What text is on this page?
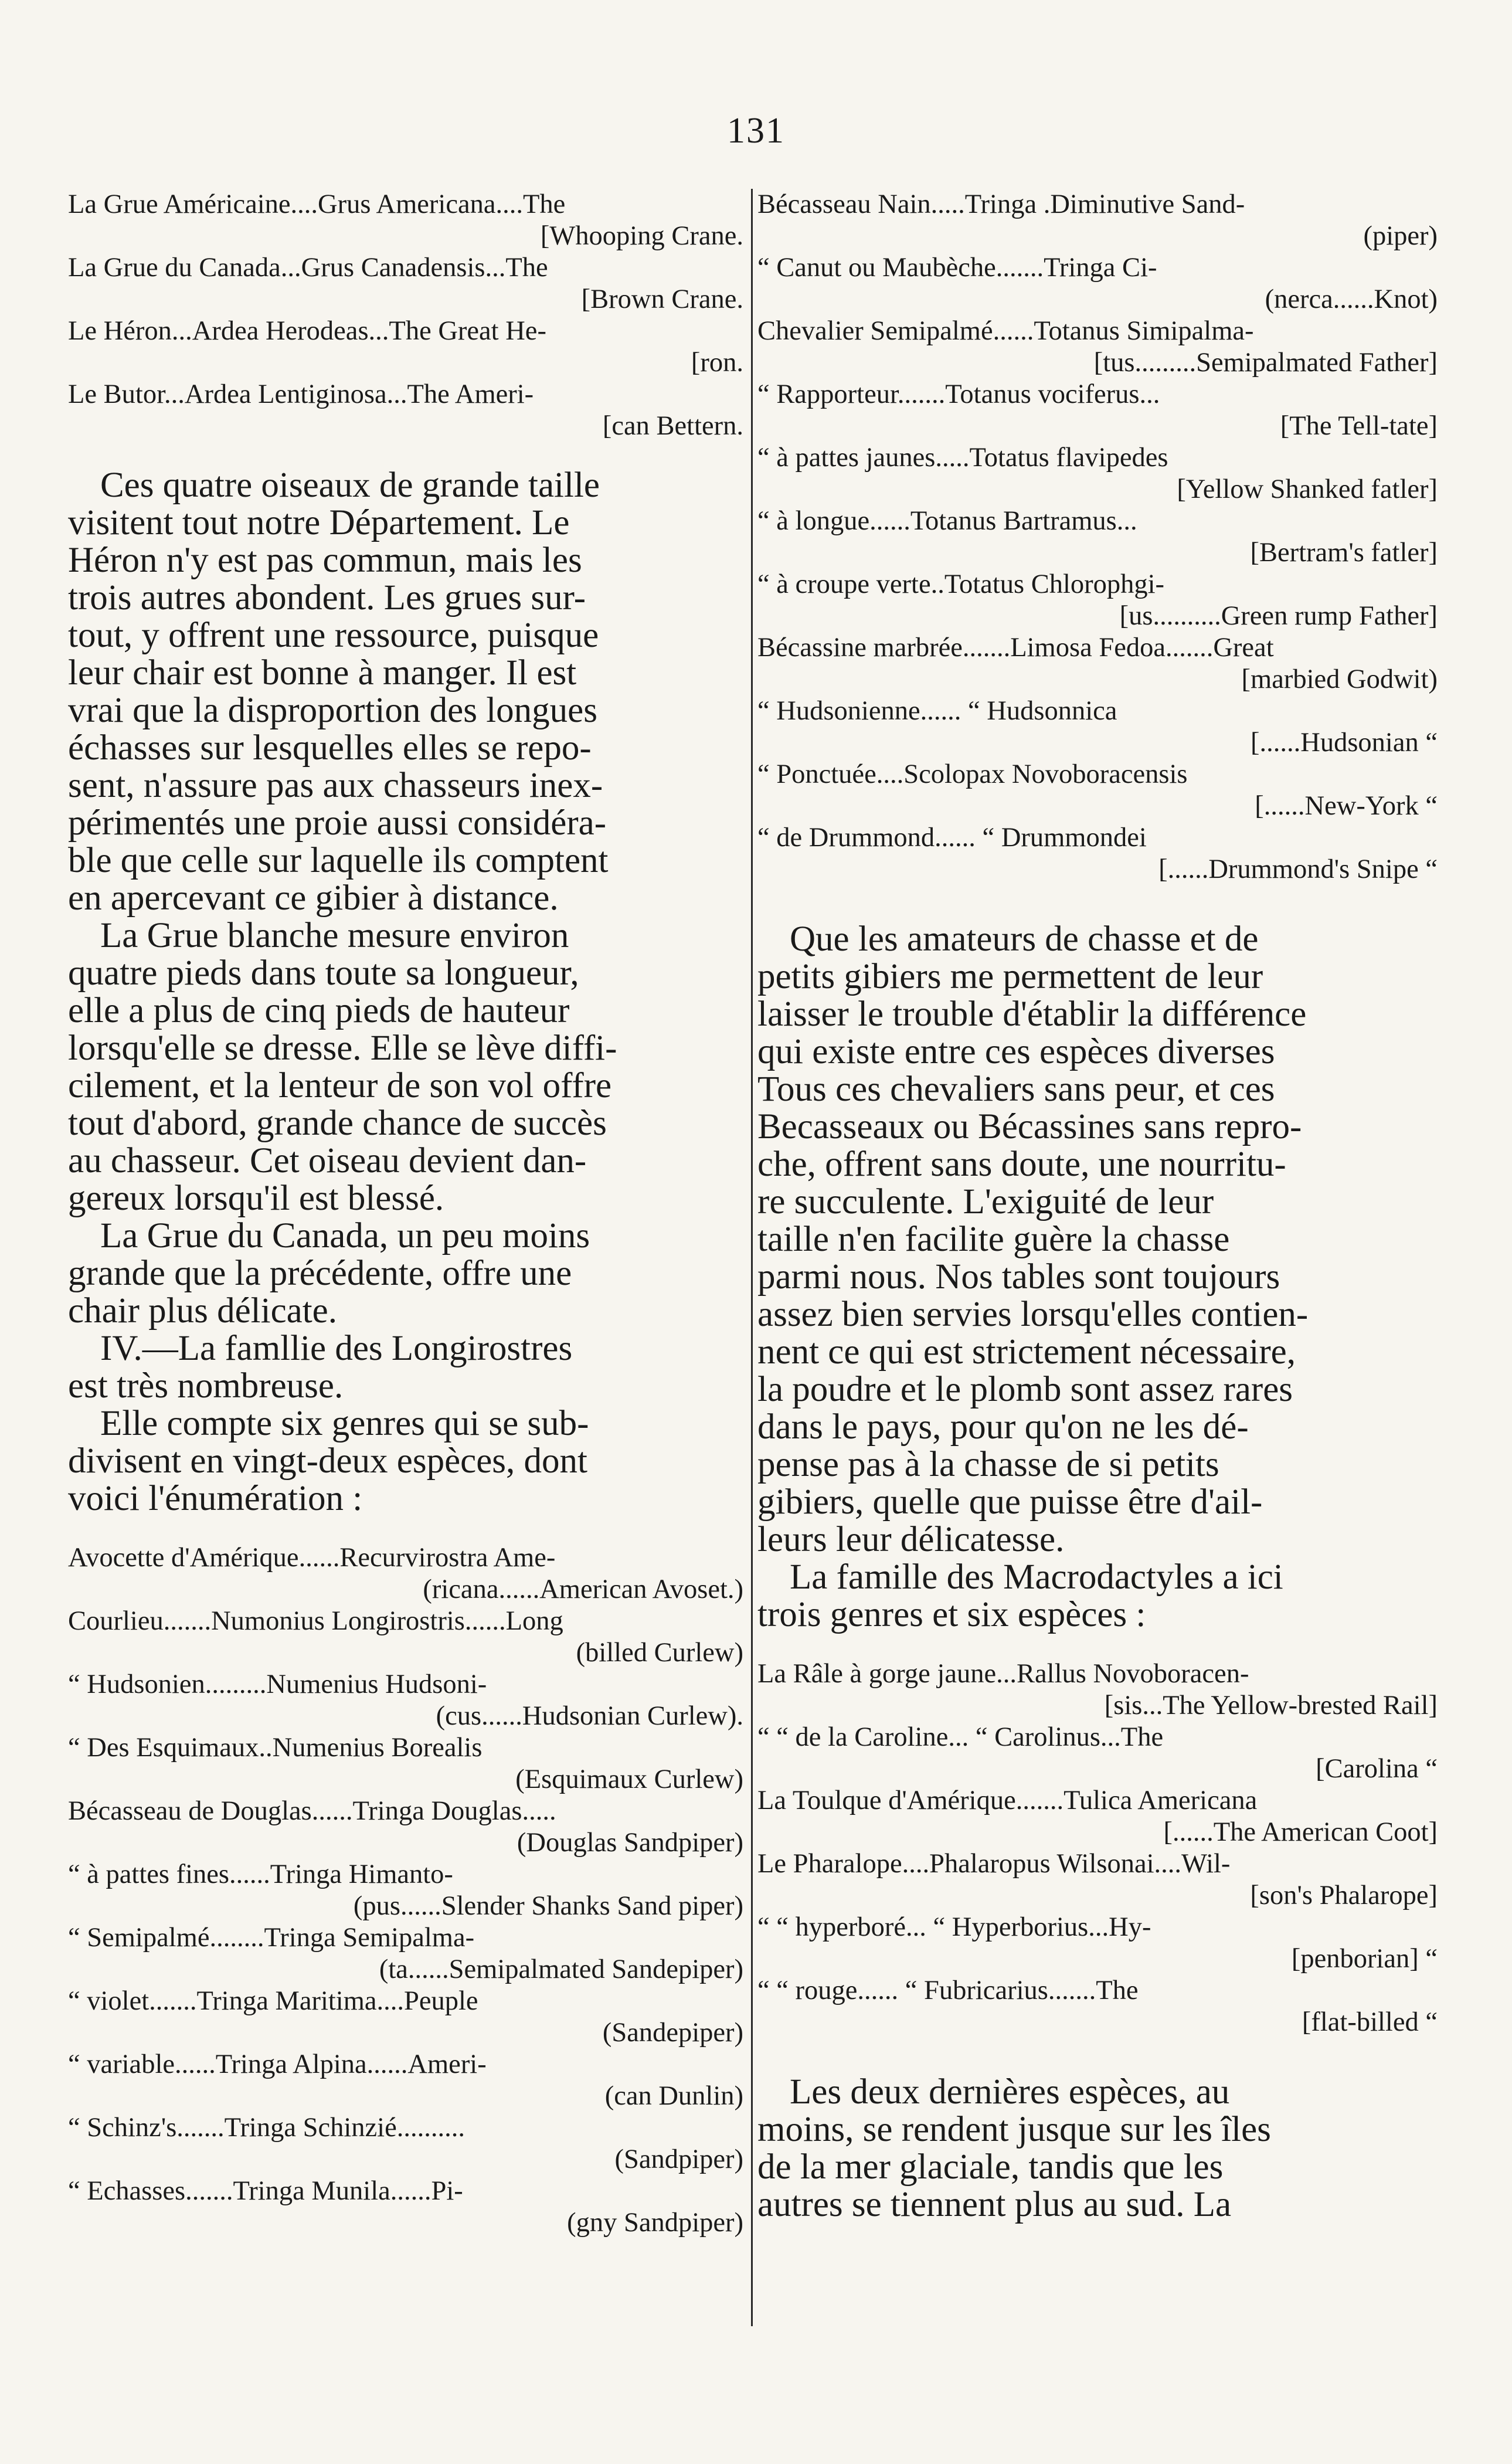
131
La Grue Américaine....Grus Americana....The
[Whooping Crane.
La Grue du Canada...Grus Canadensis...The
[Brown Crane.
Le Héron...Ardea Herodeas...The Great He-
[ron.
Le Butor...Ardea Lentiginosa...The Ameri-
[can Bettern.

Ces quatre oiseaux de grande taille
visitent tout notre Département. Le
Héron n'y est pas commun, mais les
trois autres abondent. Les grues sur-
tout, y offrent une ressource, puisque
leur chair est bonne à manger. Il est
vrai que la disproportion des longues
échasses sur lesquelles elles se repo-
sent, n'assure pas aux chasseurs inex-
périmentés une proie aussi considéra-
ble que celle sur laquelle ils comptent
en apercevant ce gibier à distance.

La Grue blanche mesure environ
quatre pieds dans toute sa longueur,
elle a plus de cinq pieds de hauteur
lorsqu'elle se dresse. Elle se lève diffi-
cilement, et la lenteur de son vol offre
tout d'abord, grande chance de succès
au chasseur. Cet oiseau devient dan-
gereux lorsqu'il est blessé.

La Grue du Canada, un peu moins
grande que la précédente, offre une
chair plus délicate.

IV.—La famllie des Longirostres
est très nombreuse.

Elle compte six genres qui se sub-
divisent en vingt-deux espèces, dont
voici l'énumération :

Avocette d'Amérique......Recurvirostra Ame-
(ricana......American Avoset.)
Courlieu.......Numonius Longirostris......Long
(billed Curlew)
“ Hudsonien.........Numenius Hudsoni-
(cus......Hudsonian Curlew).
“ Des Esquimaux..Numenius Borealis
(Esquimaux Curlew)
Bécasseau de Douglas......Tringa Douglas.....
(Douglas Sandpiper)
“ à pattes fines......Tringa Himanto-
(pus......Slender Shanks Sand piper)
“ Semipalmé........Tringa Semipalma-
(ta......Semipalmated Sandepiper)
“ violet.......Tringa Maritima....Peuple
(Sandepiper)
“ variable......Tringa Alpina......Ameri-
(can Dunlin)
“ Schinz's.......Tringa Schinzié..........
(Sandpiper)
“ Echasses.......Tringa Munila......Pi-
(gny Sandpiper)
Bécasseau Nain.....Tringa .Diminutive Sand-
(piper)
“ Canut ou Maubèche.......Tringa Ci-
(nerca......Knot)
Chevalier Semipalmé......Totanus Simipalma-
[tus.........Semipalmated Father]
“ Rapporteur.......Totanus vociferus...
[The Tell-tate]
“ à pattes jaunes.....Totatus flavipedes
[Yellow Shanked fatler]
“ à longue......Totanus Bartramus...
[Bertram's fatler]
“ à croupe verte..Totatus Chlorophgi-
[us..........Green rump Father]
Bécassine marbrée.......Limosa Fedoa.......Great
[marbied Godwit)
“ Hudsonienne...... “ Hudsonnica
[......Hudsonian “
“ Ponctuée....Scolopax Novoboracensis
[......New-York “
“ de Drummond...... “ Drummondei
[......Drummond's Snipe “

Que les amateurs de chasse et de
petits gibiers me permettent de leur
laisser le trouble d'établir la différence
qui existe entre ces espèces diverses
Tous ces chevaliers sans peur, et ces
Becasseaux ou Bécassines sans repro-
che, offrent sans doute, une nourritu-
re succulente. L'exiguité de leur
taille n'en facilite guère la chasse
parmi nous. Nos tables sont toujours
assez bien servies lorsqu'elles contien-
nent ce qui est strictement nécessaire,
la poudre et le plomb sont assez rares
dans le pays, pour qu'on ne les dé-
pense pas à la chasse de si petits
gibiers, quelle que puisse être d'ail-
leurs leur délicatesse.

La famille des Macrodactyles a ici
trois genres et six espèces :

La Râle à gorge jaune...Rallus Novoboracen-
[sis...The Yellow-brested Rail]
“ “ de la Caroline... “ Carolinus...The
[Carolina “
La Toulque d'Amérique.......Tulica Americana
[......The American Coot]
Le Pharalope....Phalaropus Wilsonai....Wil-
[son's Phalarope]
“ “ hyperboré... “ Hyperborius...Hy-
[penborian] “
“ “ rouge...... “ Fubricarius.......The
[flat-billed “

Les deux dernières espèces, au
moins, se rendent jusque sur les îles
de la mer glaciale, tandis que les
autres se tiennent plus au sud. La
